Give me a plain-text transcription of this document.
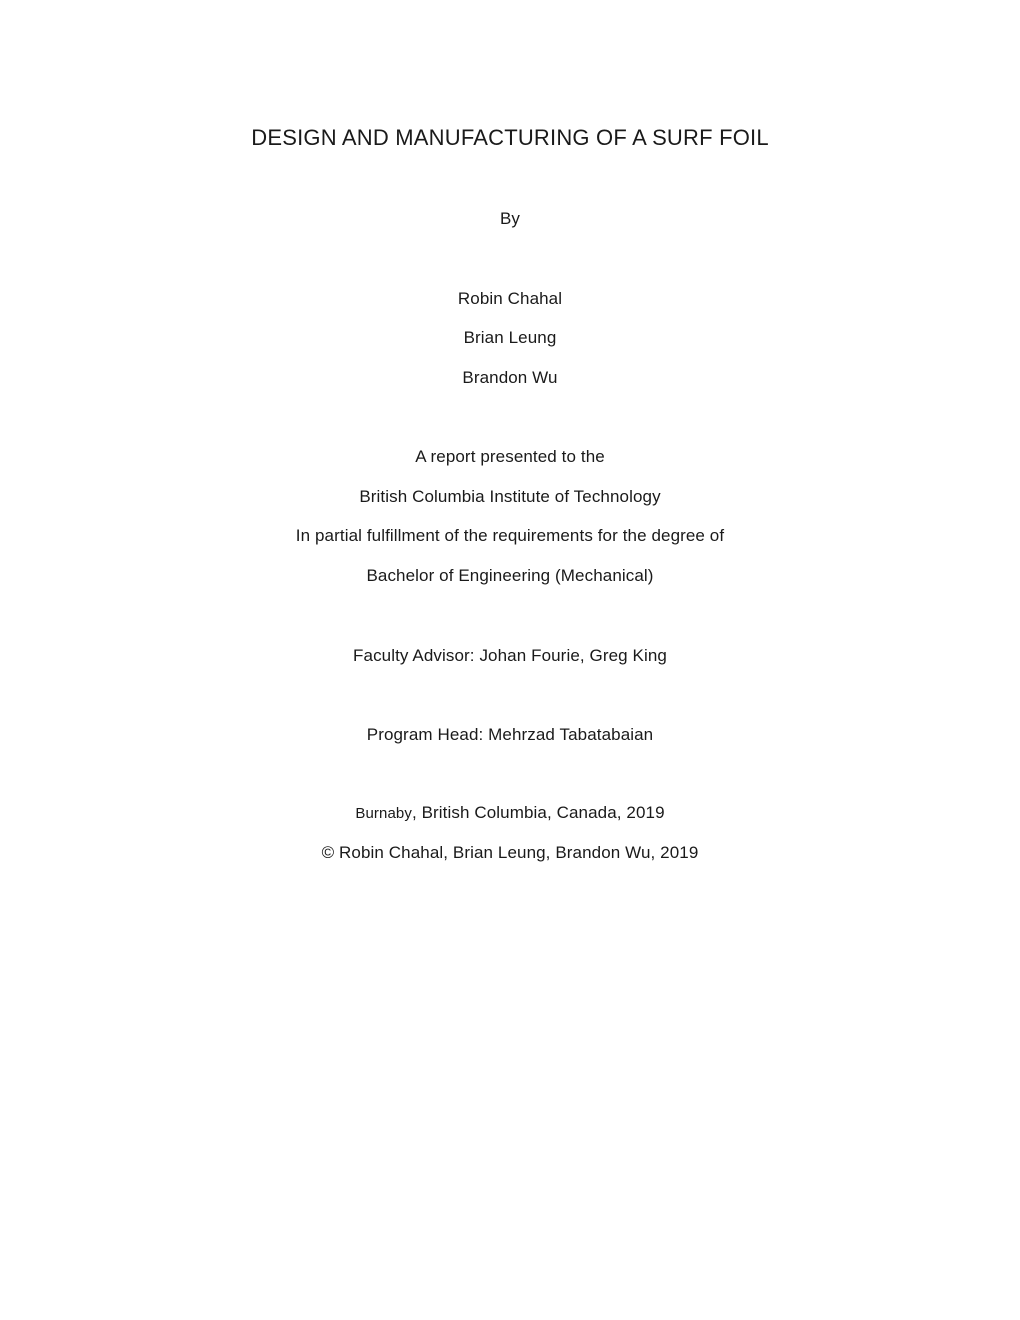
DESIGN AND MANUFACTURING OF A SURF FOIL
By
Robin Chahal
Brian Leung
Brandon Wu
A report presented to the
British Columbia Institute of Technology
In partial fulfillment of the requirements for the degree of
Bachelor of Engineering (Mechanical)
Faculty Advisor: Johan Fourie, Greg King
Program Head: Mehrzad Tabatabaian
Burnaby, British Columbia, Canada, 2019
© Robin Chahal, Brian Leung, Brandon Wu, 2019
